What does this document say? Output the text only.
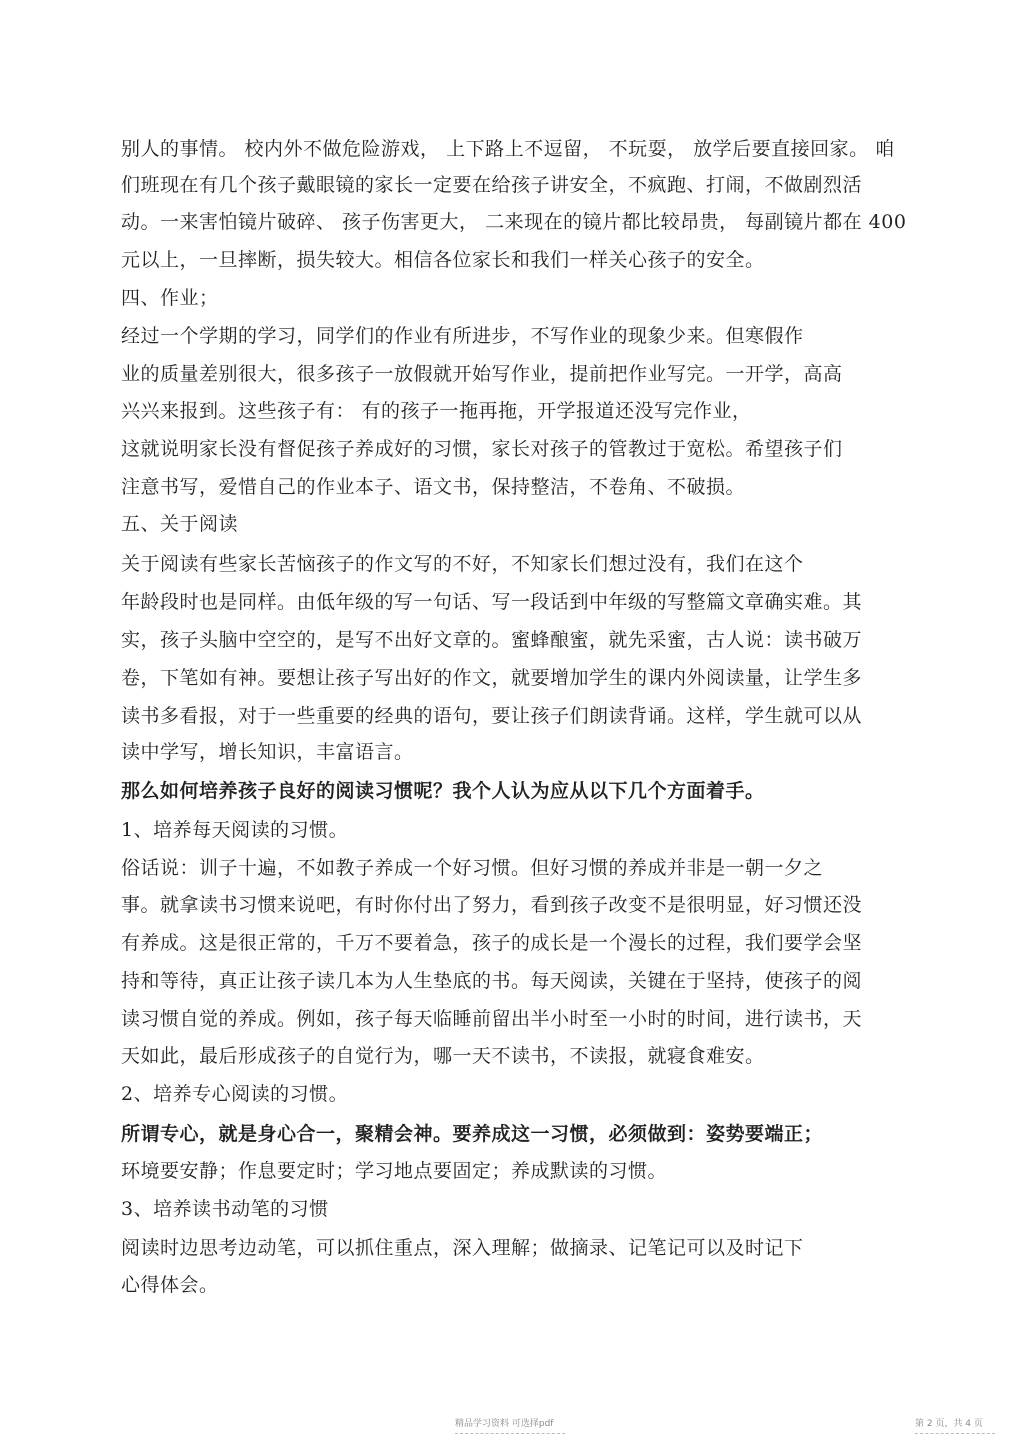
别人的事情。 校内外不做危险游戏， 上下路上不逗留， 不玩耍， 放学后要直接回家。 咱
们班现在有几个孩子戴眼镜的家长一定要在给孩子讲安全，不疯跑、打闹，不做剧烈活
动。一来害怕镜片破碎、 孩子伤害更大， 二来现在的镜片都比较昂贵， 每副镜片都在 400
元以上，一旦摔断，损失较大。相信各位家长和我们一样关心孩子的安全。
四、作业；
经过一个学期的学习，同学们的作业有所进步，不写作业的现象少来。但寒假作
业的质量差别很大，很多孩子一放假就开始写作业，提前把作业写完。一开学，高高
兴兴来报到。这些孩子有： 有的孩子一拖再拖，开学报道还没写完作业，
这就说明家长没有督促孩子养成好的习惯，家长对孩子的管教过于宽松。希望孩子们
注意书写，爱惜自己的作业本子、语文书，保持整洁，不卷角、不破损。
五、关于阅读
关于阅读有些家长苦恼孩子的作文写的不好，不知家长们想过没有，我们在这个
年龄段时也是同样。由低年级的写一句话、写一段话到中年级的写整篇文章确实难。其
实，孩子头脑中空空的，是写不出好文章的。蜜蜂酿蜜，就先采蜜，古人说：读书破万
卷，下笔如有神。要想让孩子写出好的作文，就要增加学生的课内外阅读量，让学生多
读书多看报，对于一些重要的经典的语句，要让孩子们朗读背诵。这样，学生就可以从
读中学写，增长知识，丰富语言。
那么如何培养孩子良好的阅读习惯呢？我个人认为应从以下几个方面着手。
1、培养每天阅读的习惯。
俗话说：训子十遍，不如教子养成一个好习惯。但好习惯的养成并非是一朝一夕之
事。就拿读书习惯来说吧，有时你付出了努力，看到孩子改变不是很明显，好习惯还没
有养成。这是很正常的，千万不要着急，孩子的成长是一个漫长的过程，我们要学会坚
持和等待，真正让孩子读几本为人生垫底的书。每天阅读，关键在于坚持，使孩子的阅
读习惯自觉的养成。例如，孩子每天临睡前留出半小时至一小时的时间，进行读书，天
天如此，最后形成孩子的自觉行为，哪一天不读书，不读报，就寝食难安。
2、培养专心阅读的习惯。
所谓专心，就是身心合一，聚精会神。要养成这一习惯，必须做到：姿势要端正；
环境要安静；作息要定时；学习地点要固定；养成默读的习惯。
3、培养读书动笔的习惯
阅读时边思考边动笔，可以抓住重点，深入理解；做摘录、记笔记可以及时记下
心得体会。
精品学习资料 可选择pdf	第 2 页，共 4 页
